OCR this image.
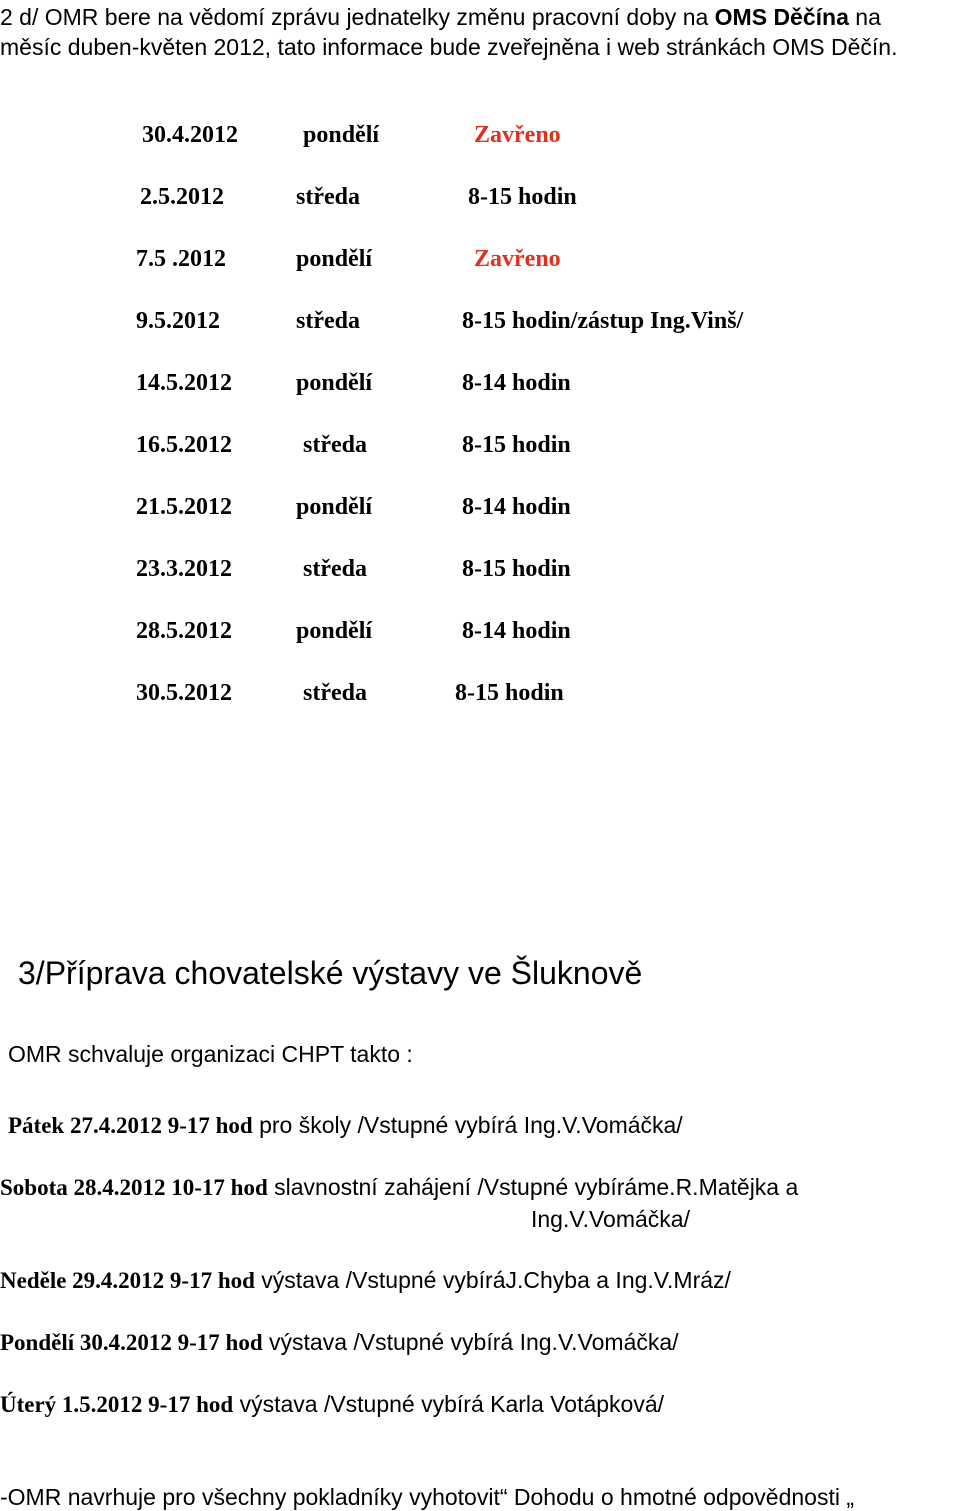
2 d/ OMR bere na vědomí zprávu jednatelky změnu pracovní doby na OMS Děčína na
měsíc duben-květen 2012, tato informace bude zveřejněna i web stránkách OMS Děčín.
30.4.2012	pondělí	Zavřeno
2.5.2012	středa	8-15 hodin
7.5 .2012	pondělí	Zavřeno
9.5.2012	středa	8-15 hodin/zástup Ing.Vinš/
14.5.2012	pondělí	8-14 hodin
16.5.2012	středa	8-15 hodin
21.5.2012	pondělí	8-14 hodin
23.3.2012	středa	8-15 hodin
28.5.2012	pondělí	8-14 hodin
30.5.2012	středa	8-15 hodin
3/Příprava chovatelské výstavy ve Šluknově
OMR schvaluje organizaci CHPT takto :
Pátek 27.4.2012 9-17 hod pro školy /Vstupné vybírá Ing.V.Vomáčka/
Sobota 28.4.2012 10-17 hod slavnostní zahájení /Vstupné vybíráme.R.Matějka a
Ing.V.Vomáčka/
Neděle 29.4.2012 9-17 hod výstava /Vstupné vybíráJ.Chyba a Ing.V.Mráz/
Pondělí 30.4.2012 9-17 hod výstava /Vstupné vybírá Ing.V.Vomáčka/
Úterý 1.5.2012 9-17 hod výstava /Vstupné vybírá Karla Votápková/
-OMR navrhuje pro všechny pokladníky vyhotovit“ Dohodu o hmotné odpovědnosti „
